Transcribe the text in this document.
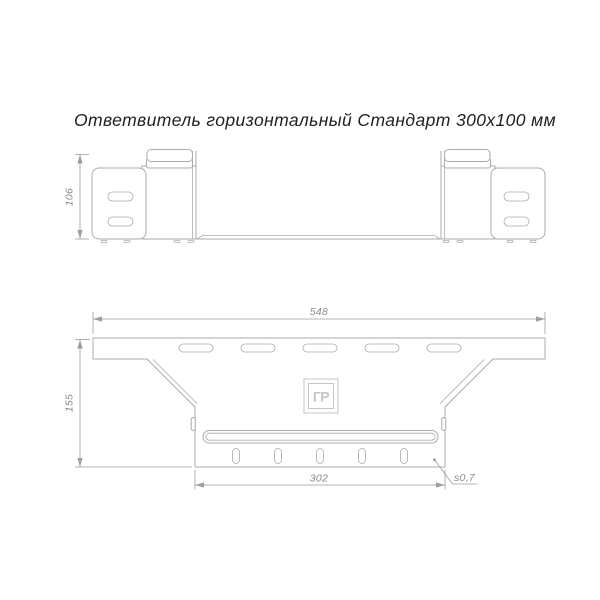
Ответвитель горизонтальный Стандарт 300х100 мм
106
548
ГР
155
302	s0,7
